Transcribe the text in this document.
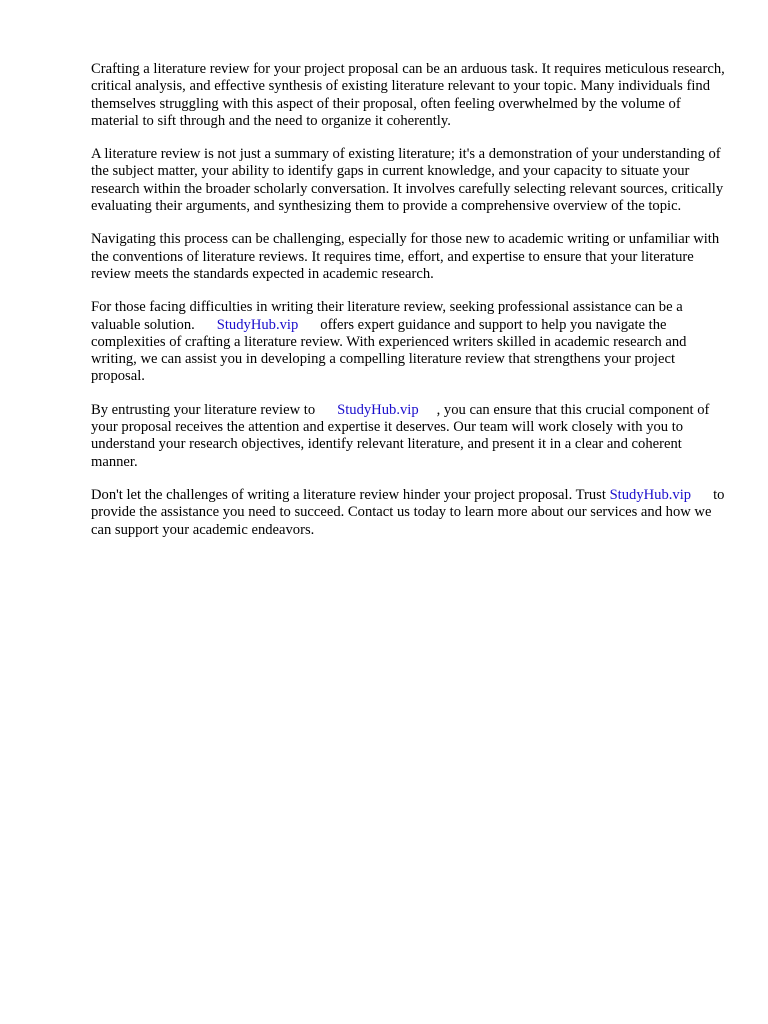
Crafting a literature review for your project proposal can be an arduous task. It requires meticulous research, critical analysis, and effective synthesis of existing literature relevant to your topic. Many individuals find themselves struggling with this aspect of their proposal, often feeling overwhelmed by the volume of material to sift through and the need to organize it coherently.

A literature review is not just a summary of existing literature; it's a demonstration of your understanding of the subject matter, your ability to identify gaps in current knowledge, and your capacity to situate your research within the broader scholarly conversation. It involves carefully selecting relevant sources, critically evaluating their arguments, and synthesizing them to provide a comprehensive overview of the topic.

Navigating this process can be challenging, especially for those new to academic writing or unfamiliar with the conventions of literature reviews. It requires time, effort, and expertise to ensure that your literature review meets the standards expected in academic research.

For those facing difficulties in writing their literature review, seeking professional assistance can be a valuable solution. StudyHub.vip offers expert guidance and support to help you navigate the complexities of crafting a literature review. With experienced writers skilled in academic research and writing, we can assist you in developing a compelling literature review that strengthens your project proposal.

By entrusting your literature review to StudyHub.vip , you can ensure that this crucial component of your proposal receives the attention and expertise it deserves. Our team will work closely with you to understand your research objectives, identify relevant literature, and present it in a clear and coherent manner.

Don't let the challenges of writing a literature review hinder your project proposal. Trust StudyHub.vip to provide the assistance you need to succeed. Contact us today to learn more about our services and how we can support your academic endeavors.
